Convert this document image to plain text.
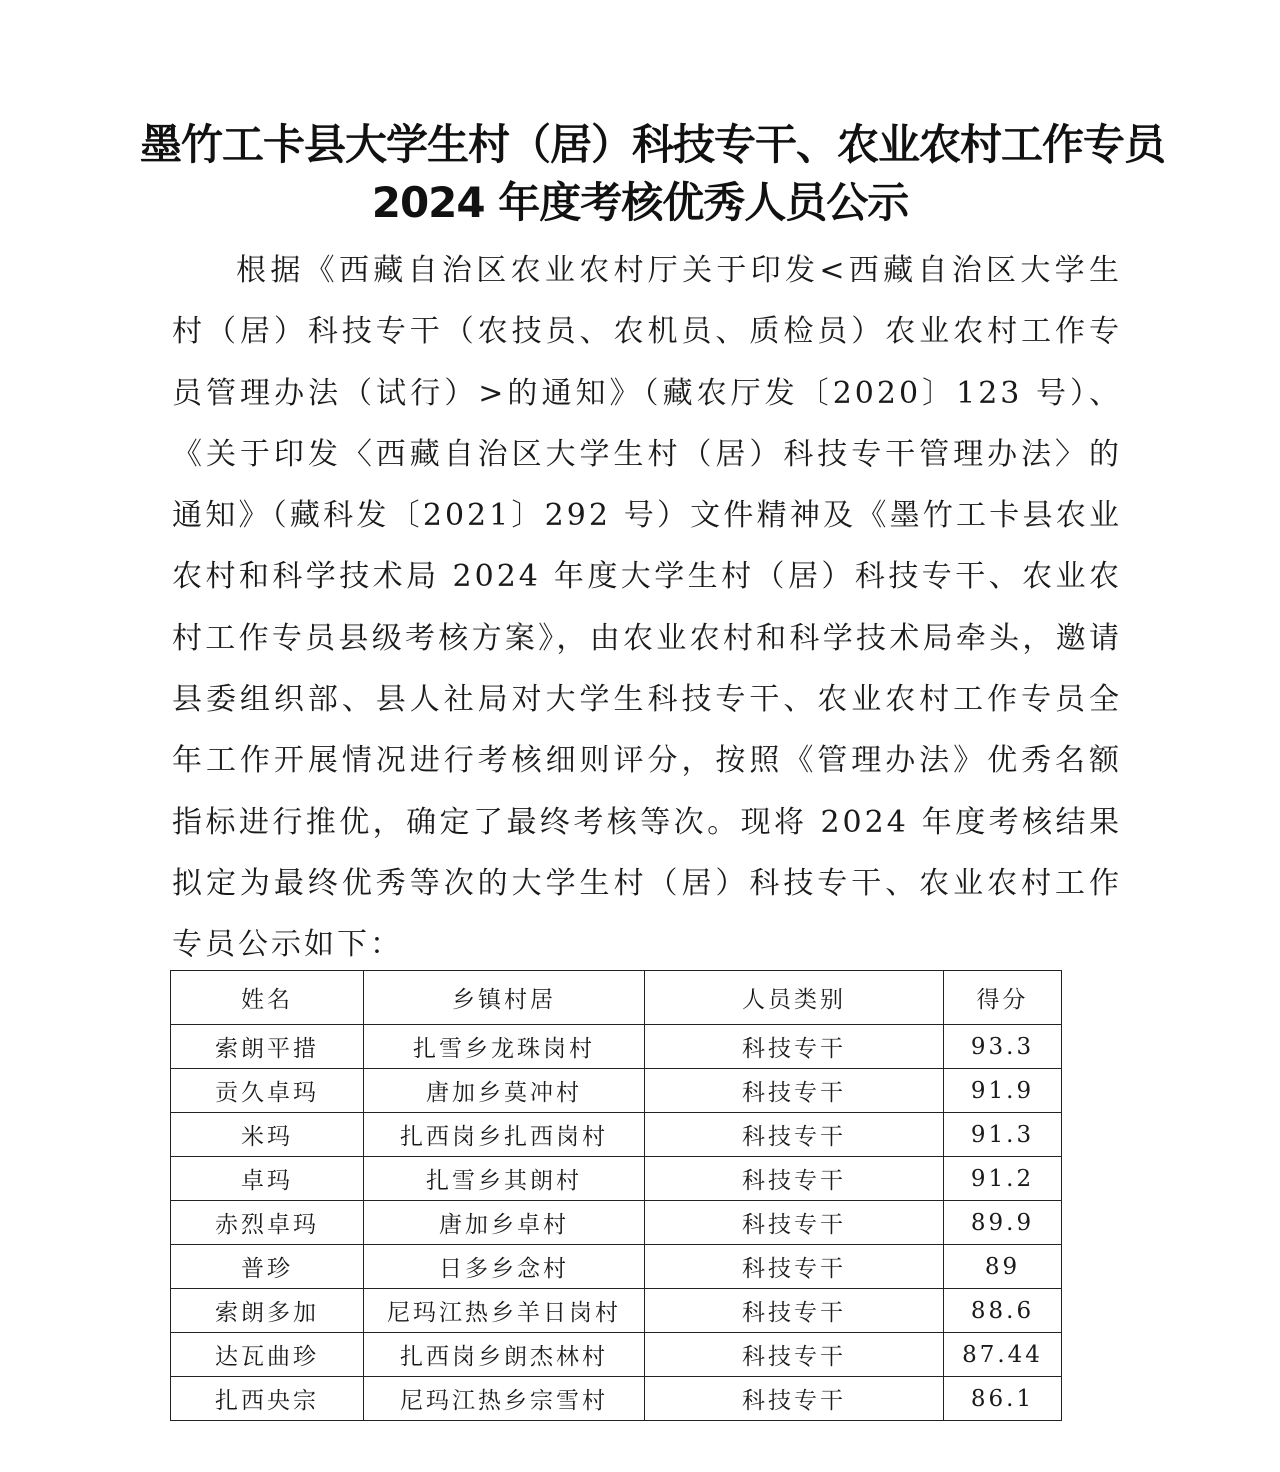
墨竹工卡县大学生村（居）科技专干、农业农村工作专员
2024 年度考核优秀人员公示

根据《西藏自治区农业农村厅关于印发<西藏自治区大学生村（居）科技专干（农技员、农机员、质检员）农业农村工作专员管理办法（试行）>的通知》（藏农厅发〔2020〕123 号）、《关于印发〈西藏自治区大学生村（居）科技专干管理办法〉的通知》（藏科发〔2021〕292 号）文件精神及《墨竹工卡县农业农村和科学技术局 2024 年度大学生村（居）科技专干、农业农村工作专员县级考核方案》，由农业农村和科学技术局牵头，邀请县委组织部、县人社局对大学生科技专干、农业农村工作专员全年工作开展情况进行考核细则评分，按照《管理办法》优秀名额指标进行推优，确定了最终考核等次。现将 2024 年度考核结果拟定为最终优秀等次的大学生村（居）科技专干、农业农村工作专员公示如下：

姓名	乡镇村居	人员类别	得分
索朗平措	扎雪乡龙珠岗村	科技专干	93.3
贡久卓玛	唐加乡莫冲村	科技专干	91.9
米玛	扎西岗乡扎西岗村	科技专干	91.3
卓玛	扎雪乡其朗村	科技专干	91.2
赤烈卓玛	唐加乡卓村	科技专干	89.9
普珍	日多乡念村	科技专干	89
索朗多加	尼玛江热乡羊日岗村	科技专干	88.6
达瓦曲珍	扎西岗乡朗杰林村	科技专干	87.44
扎西央宗	尼玛江热乡宗雪村	科技专干	86.1
